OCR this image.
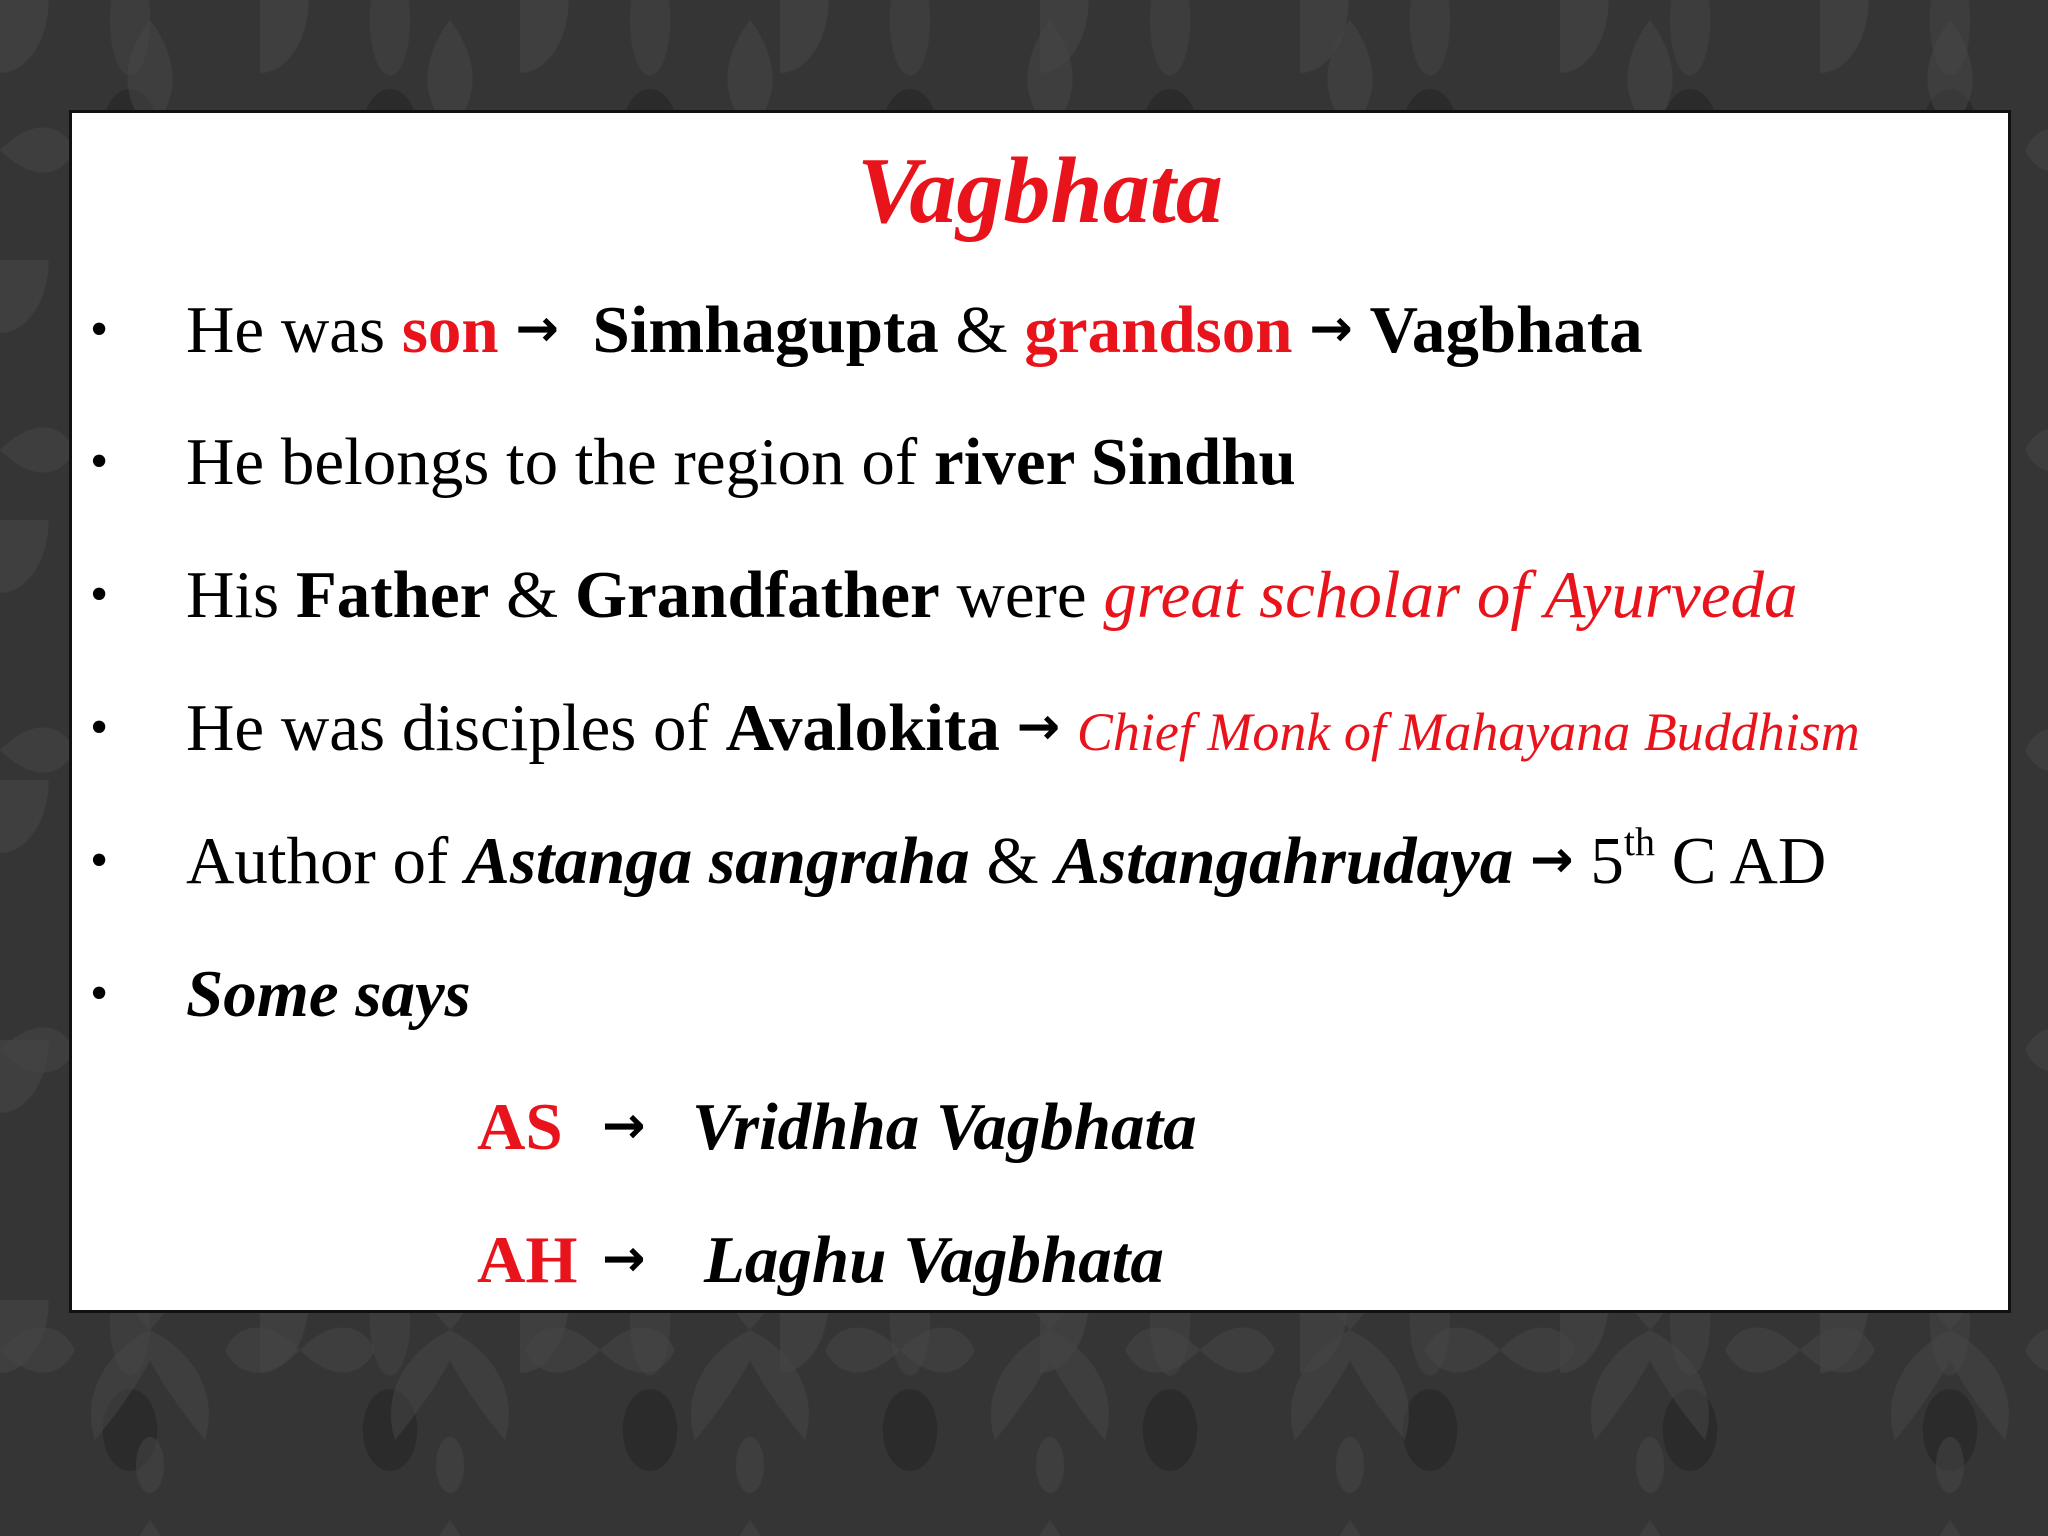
Vagbhata
• He was son → Simhagupta & grandson → Vagbhata
• He belongs to the region of river Sindhu
• His Father & Grandfather were great scholar of Ayurveda
• He was disciples of Avalokita → Chief Monk of Mahayana Buddhism
• Author of Astanga sangraha & Astangahrudaya → 5th C AD
• Some says
AS → Vridhha Vagbhata
AH → Laghu Vagbhata
